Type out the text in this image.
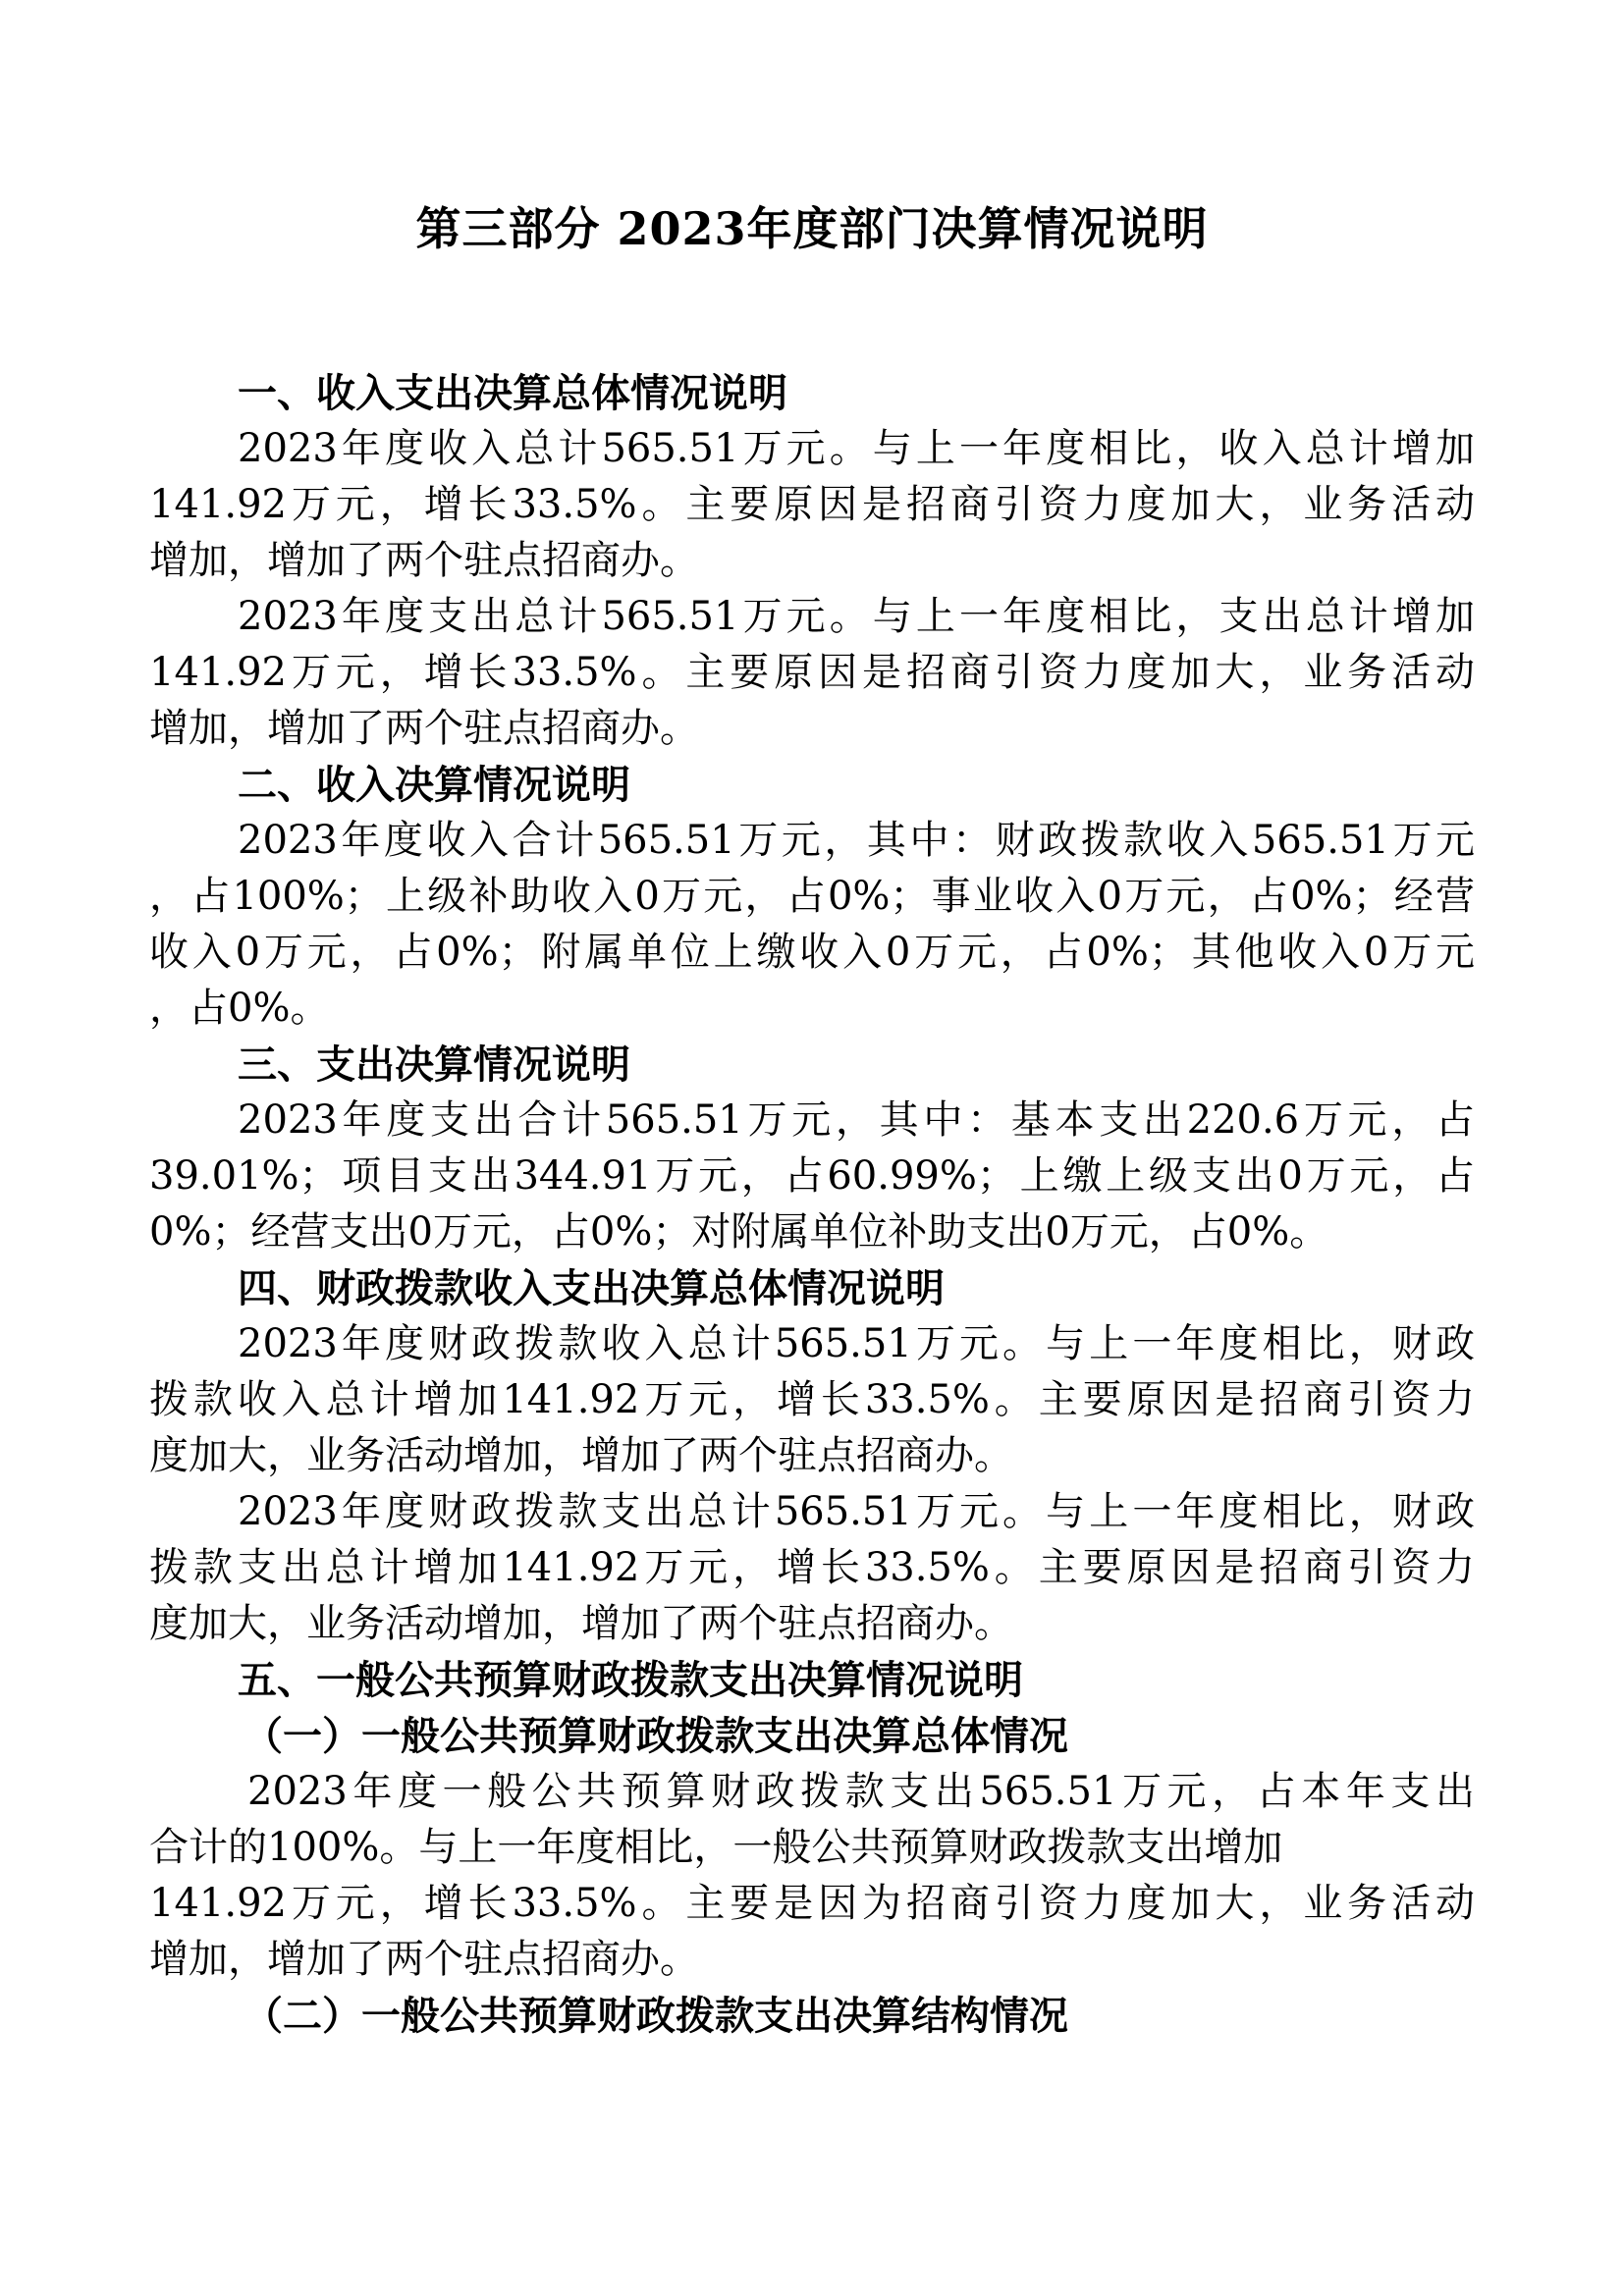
第三部分 2023年度部门决算情况说明
一、收入支出决算总体情况说明
2023年度收入总计565.51万元。与上一年度相比，收入总计增加
141.92万元，增长33.5%。主要原因是招商引资力度加大，业务活动
增加，增加了两个驻点招商办。
2023年度支出总计565.51万元。与上一年度相比，支出总计增加
141.92万元，增长33.5%。主要原因是招商引资力度加大，业务活动
增加，增加了两个驻点招商办。
二、收入决算情况说明
2023年度收入合计565.51万元，其中：财政拨款收入565.51万元
，占100%；上级补助收入0万元，占0%；事业收入0万元，占0%；经营
收入0万元，占0%；附属单位上缴收入0万元，占0%；其他收入0万元
，占0%。
三、支出决算情况说明
2023年度支出合计565.51万元，其中：基本支出220.6万元，占
39.01%；项目支出344.91万元，占60.99%；上缴上级支出0万元，占
0%；经营支出0万元，占0%；对附属单位补助支出0万元，占0%。
四、财政拨款收入支出决算总体情况说明
2023年度财政拨款收入总计565.51万元。与上一年度相比，财政
拨款收入总计增加141.92万元，增长33.5%。主要原因是招商引资力
度加大，业务活动增加，增加了两个驻点招商办。
2023年度财政拨款支出总计565.51万元。与上一年度相比，财政
拨款支出总计增加141.92万元，增长33.5%。主要原因是招商引资力
度加大，业务活动增加，增加了两个驻点招商办。
五、一般公共预算财政拨款支出决算情况说明
（一）一般公共预算财政拨款支出决算总体情况
2023年度一般公共预算财政拨款支出565.51万元，占本年支出
合计的100%。与上一年度相比，一般公共预算财政拨款支出增加
141.92万元，增长33.5%。主要是因为招商引资力度加大，业务活动
增加，增加了两个驻点招商办。
（二）一般公共预算财政拨款支出决算结构情况
